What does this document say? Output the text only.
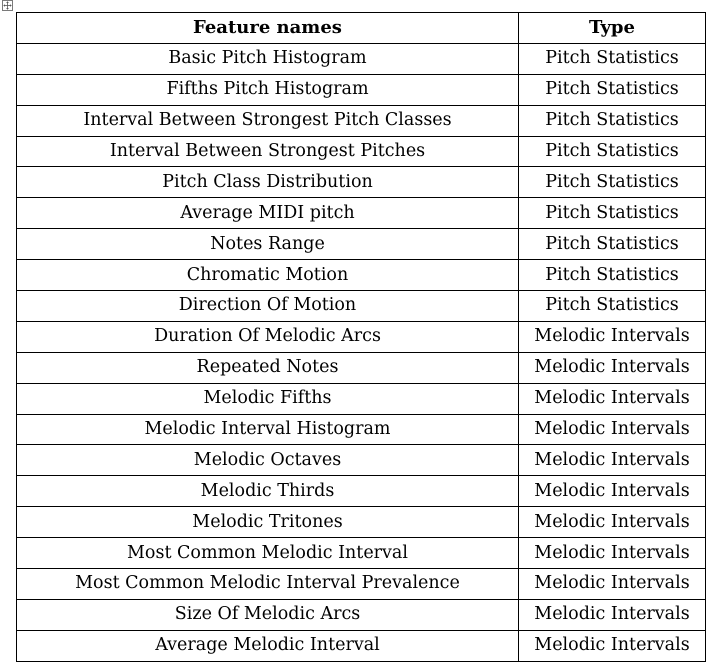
Feature names	Type
Basic Pitch Histogram	Pitch Statistics
Fifths Pitch Histogram	Pitch Statistics
Interval Between Strongest Pitch Classes	Pitch Statistics
Interval Between Strongest Pitches	Pitch Statistics
Pitch Class Distribution	Pitch Statistics
Average MIDI pitch	Pitch Statistics
Notes Range	Pitch Statistics
Chromatic Motion	Pitch Statistics
Direction Of Motion	Pitch Statistics
Duration Of Melodic Arcs	Melodic Intervals
Repeated Notes	Melodic Intervals
Melodic Fifths	Melodic Intervals
Melodic Interval Histogram	Melodic Intervals
Melodic Octaves	Melodic Intervals
Melodic Thirds	Melodic Intervals
Melodic Tritones	Melodic Intervals
Most Common Melodic Interval	Melodic Intervals
Most Common Melodic Interval Prevalence	Melodic Intervals
Size Of Melodic Arcs	Melodic Intervals
Average Melodic Interval	Melodic Intervals
